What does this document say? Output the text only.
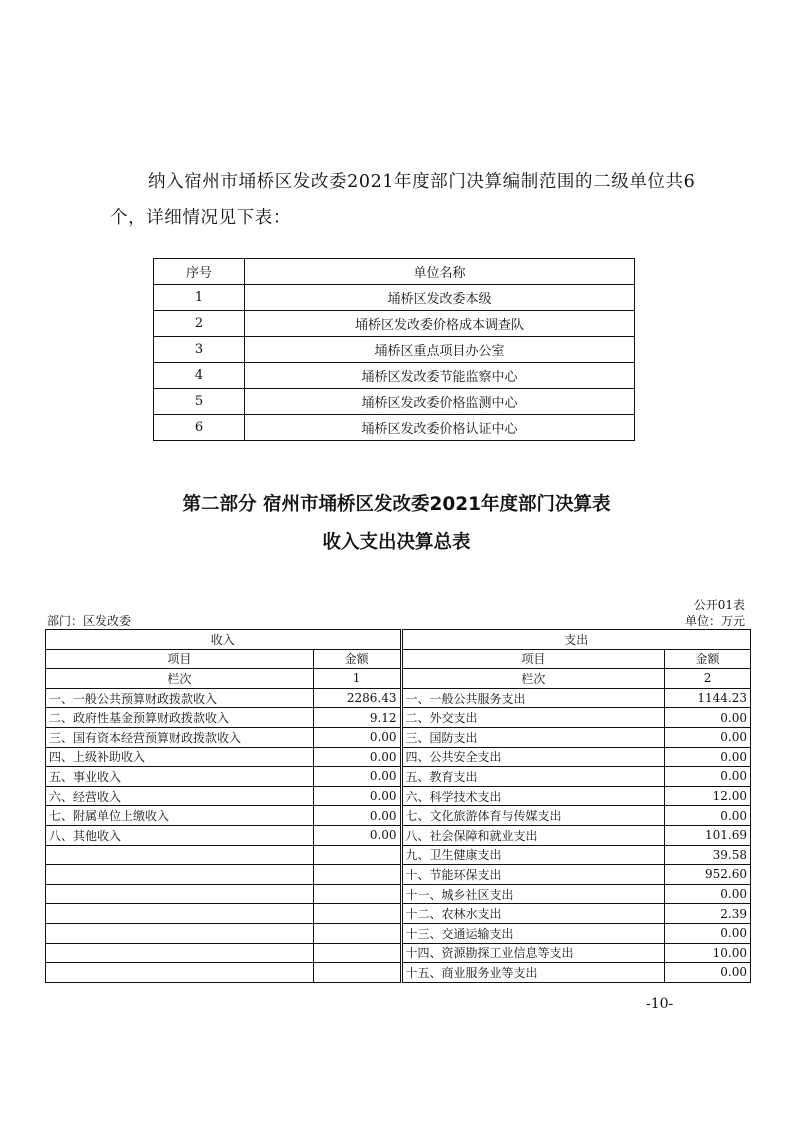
纳入宿州市埇桥区发改委2021年度部门决算编制范围的二级单位共6个，详细情况见下表：

序号	单位名称
1	埇桥区发改委本级
2	埇桥区发改委价格成本调查队
3	埇桥区重点项目办公室
4	埇桥区发改委节能监察中心
5	埇桥区发改委价格监测中心
6	埇桥区发改委价格认证中心
第二部分 宿州市埇桥区发改委2021年度部门决算表
收入支出决算总表
公开01表
部门：区发改委	单位：万元
收入		支出	
项目	金额	项目	金额
栏次	1	栏次	2
一、一般公共预算财政拨款收入	2286.43	一、一般公共服务支出	1144.23
二、政府性基金预算财政拨款收入	9.12	二、外交支出	0.00
三、国有资本经营预算财政拨款收入	0.00	三、国防支出	0.00
四、上级补助收入	0.00	四、公共安全支出	0.00
五、事业收入	0.00	五、教育支出	0.00
六、经营收入	0.00	六、科学技术支出	12.00
七、附属单位上缴收入	0.00	七、文化旅游体育与传媒支出	0.00
八、其他收入	0.00	八、社会保障和就业支出	101.69
		九、卫生健康支出	39.58
		十、节能环保支出	952.60
		十一、城乡社区支出	0.00
		十二、农林水支出	2.39
		十三、交通运输支出	0.00
		十四、资源勘探工业信息等支出	10.00
		十五、商业服务业等支出	0.00
-10-
